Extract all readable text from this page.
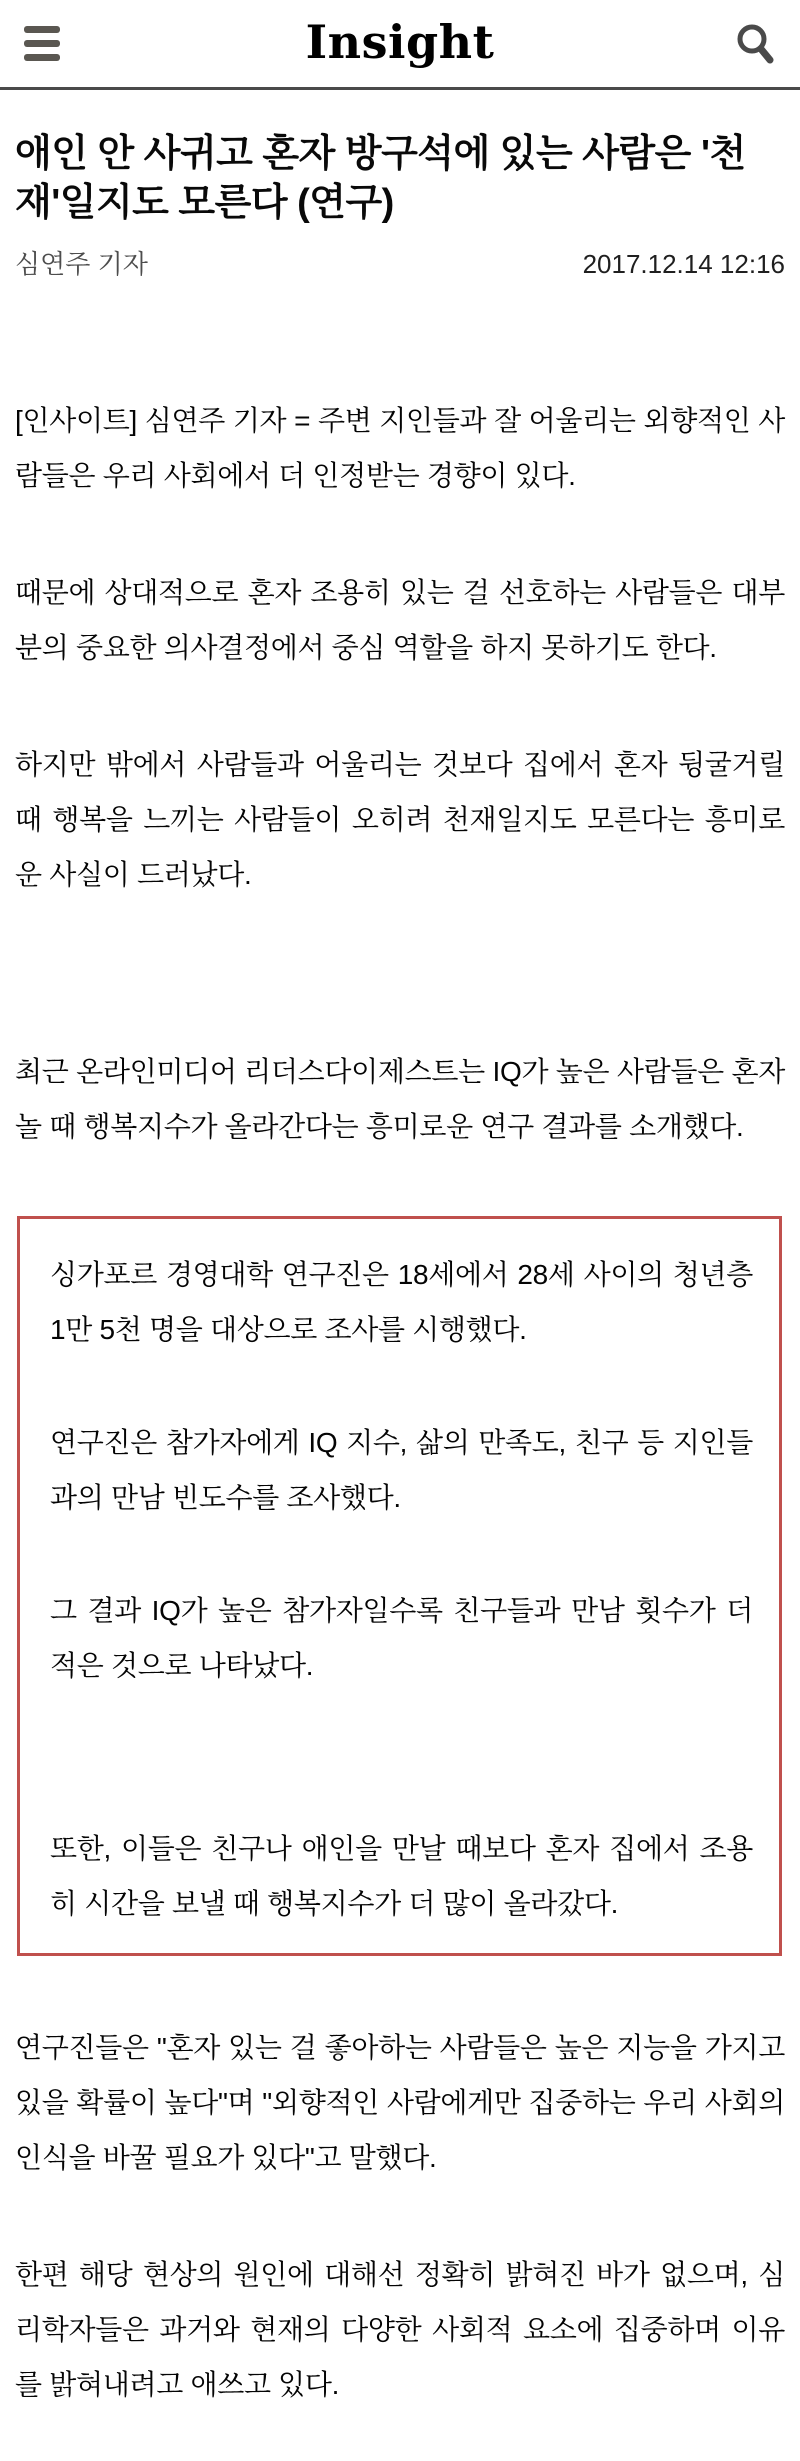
Insight
애인 안 사귀고 혼자 방구석에 있는 사람은 '천재'일지도 모른다 (연구)
심연주 기자	2017.12.14 12:16

[인사이트] 심연주 기자 = 주변 지인들과 잘 어울리는 외향적인 사람들은 우리 사회에서 더 인정받는 경향이 있다.

때문에 상대적으로 혼자 조용히 있는 걸 선호하는 사람들은 대부분의 중요한 의사결정에서 중심 역할을 하지 못하기도 한다.

하지만 밖에서 사람들과 어울리는 것보다 집에서 혼자 뒹굴거릴 때 행복을 느끼는 사람들이 오히려 천재일지도 모른다는 흥미로운 사실이 드러났다.

최근 온라인미디어 리더스다이제스트는 IQ가 높은 사람들은 혼자 놀 때 행복지수가 올라간다는 흥미로운 연구 결과를 소개했다.

싱가포르 경영대학 연구진은 18세에서 28세 사이의 청년층 1만 5천 명을 대상으로 조사를 시행했다.

연구진은 참가자에게 IQ 지수, 삶의 만족도, 친구 등 지인들과의 만남 빈도수를 조사했다.

그 결과 IQ가 높은 참가자일수록 친구들과 만남 횟수가 더 적은 것으로 나타났다.

또한, 이들은 친구나 애인을 만날 때보다 혼자 집에서 조용히 시간을 보낼 때 행복지수가 더 많이 올라갔다.

연구진들은 "혼자 있는 걸 좋아하는 사람들은 높은 지능을 가지고 있을 확률이 높다"며 "외향적인 사람에게만 집중하는 우리 사회의 인식을 바꿀 필요가 있다"고 말했다.

한편 해당 현상의 원인에 대해선 정확히 밝혀진 바가 없으며, 심리학자들은 과거와 현재의 다양한 사회적 요소에 집중하며 이유를 밝혀내려고 애쓰고 있다.
